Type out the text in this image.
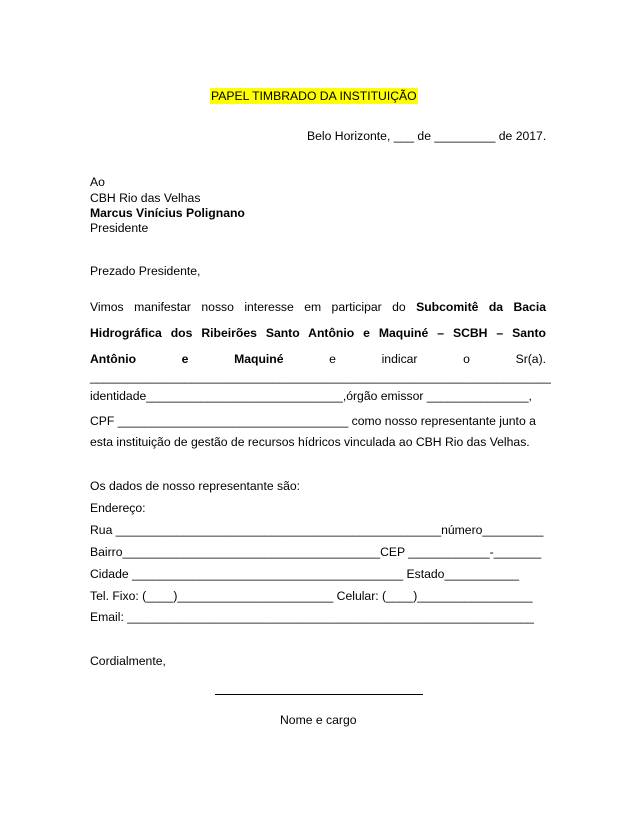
PAPEL TIMBRADO DA INSTITUIÇÃO
Belo Horizonte, ___ de _________ de 2017.
Ao
CBH Rio das Velhas
Marcus Vinícius Polignano
Presidente
Prezado Presidente,
Vimos manifestar nosso interesse em participar do Subcomitê da Bacia
Hidrográfica dos Ribeirões Santo Antônio e Maquiné – SCBH – Santo
Antônio	e	Maquiné	e	indicar	o	Sr(a).
____________________________________________________________________
identidade_____________________________,órgão emissor _______________,
CPF __________________________________ como nosso representante junto a
esta instituição de gestão de recursos hídricos vinculada ao CBH Rio das Velhas.
Os dados de nosso representante são:
Endereço:
Rua ________________________________________________número_________
Bairro______________________________________CEP ____________-_______
Cidade ________________________________________ Estado___________
Tel. Fixo: (____)_______________________ Celular: (____)_________________
Email: ____________________________________________________________
Cordialmente,
Nome e cargo
